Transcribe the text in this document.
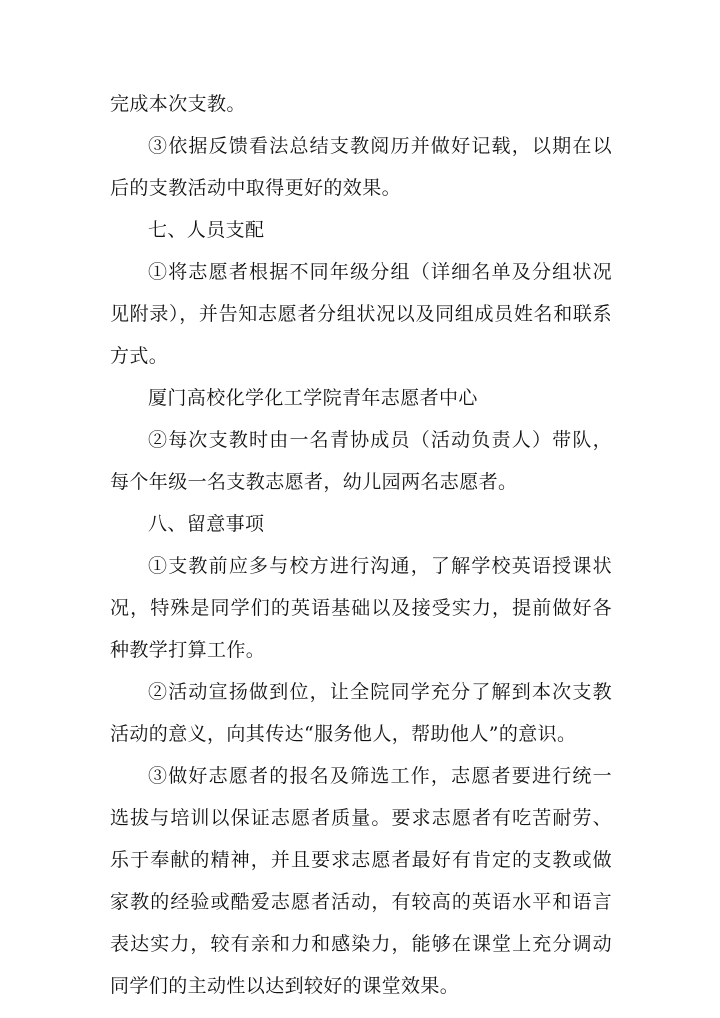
完成本次支教。

③依据反馈看法总结支教阅历并做好记载，以期在以后的支教活动中取得更好的效果。

七、人员支配

①将志愿者根据不同年级分组（详细名单及分组状况见附录），并告知志愿者分组状况以及同组成员姓名和联系方式。

厦门高校化学化工学院青年志愿者中心

②每次支教时由一名青协成员（活动负责人）带队，每个年级一名支教志愿者，幼儿园两名志愿者。

八、留意事项

①支教前应多与校方进行沟通，了解学校英语授课状况，特殊是同学们的英语基础以及接受实力，提前做好各种教学打算工作。

②活动宣扬做到位，让全院同学充分了解到本次支教活动的意义，向其传达“服务他人，帮助他人”的意识。

③做好志愿者的报名及筛选工作，志愿者要进行统一选拔与培训以保证志愿者质量。要求志愿者有吃苦耐劳、乐于奉献的精神，并且要求志愿者最好有肯定的支教或做家教的经验或酷爱志愿者活动，有较高的英语水平和语言表达实力，较有亲和力和感染力，能够在课堂上充分调动同学们的主动性以达到较好的课堂效果。
